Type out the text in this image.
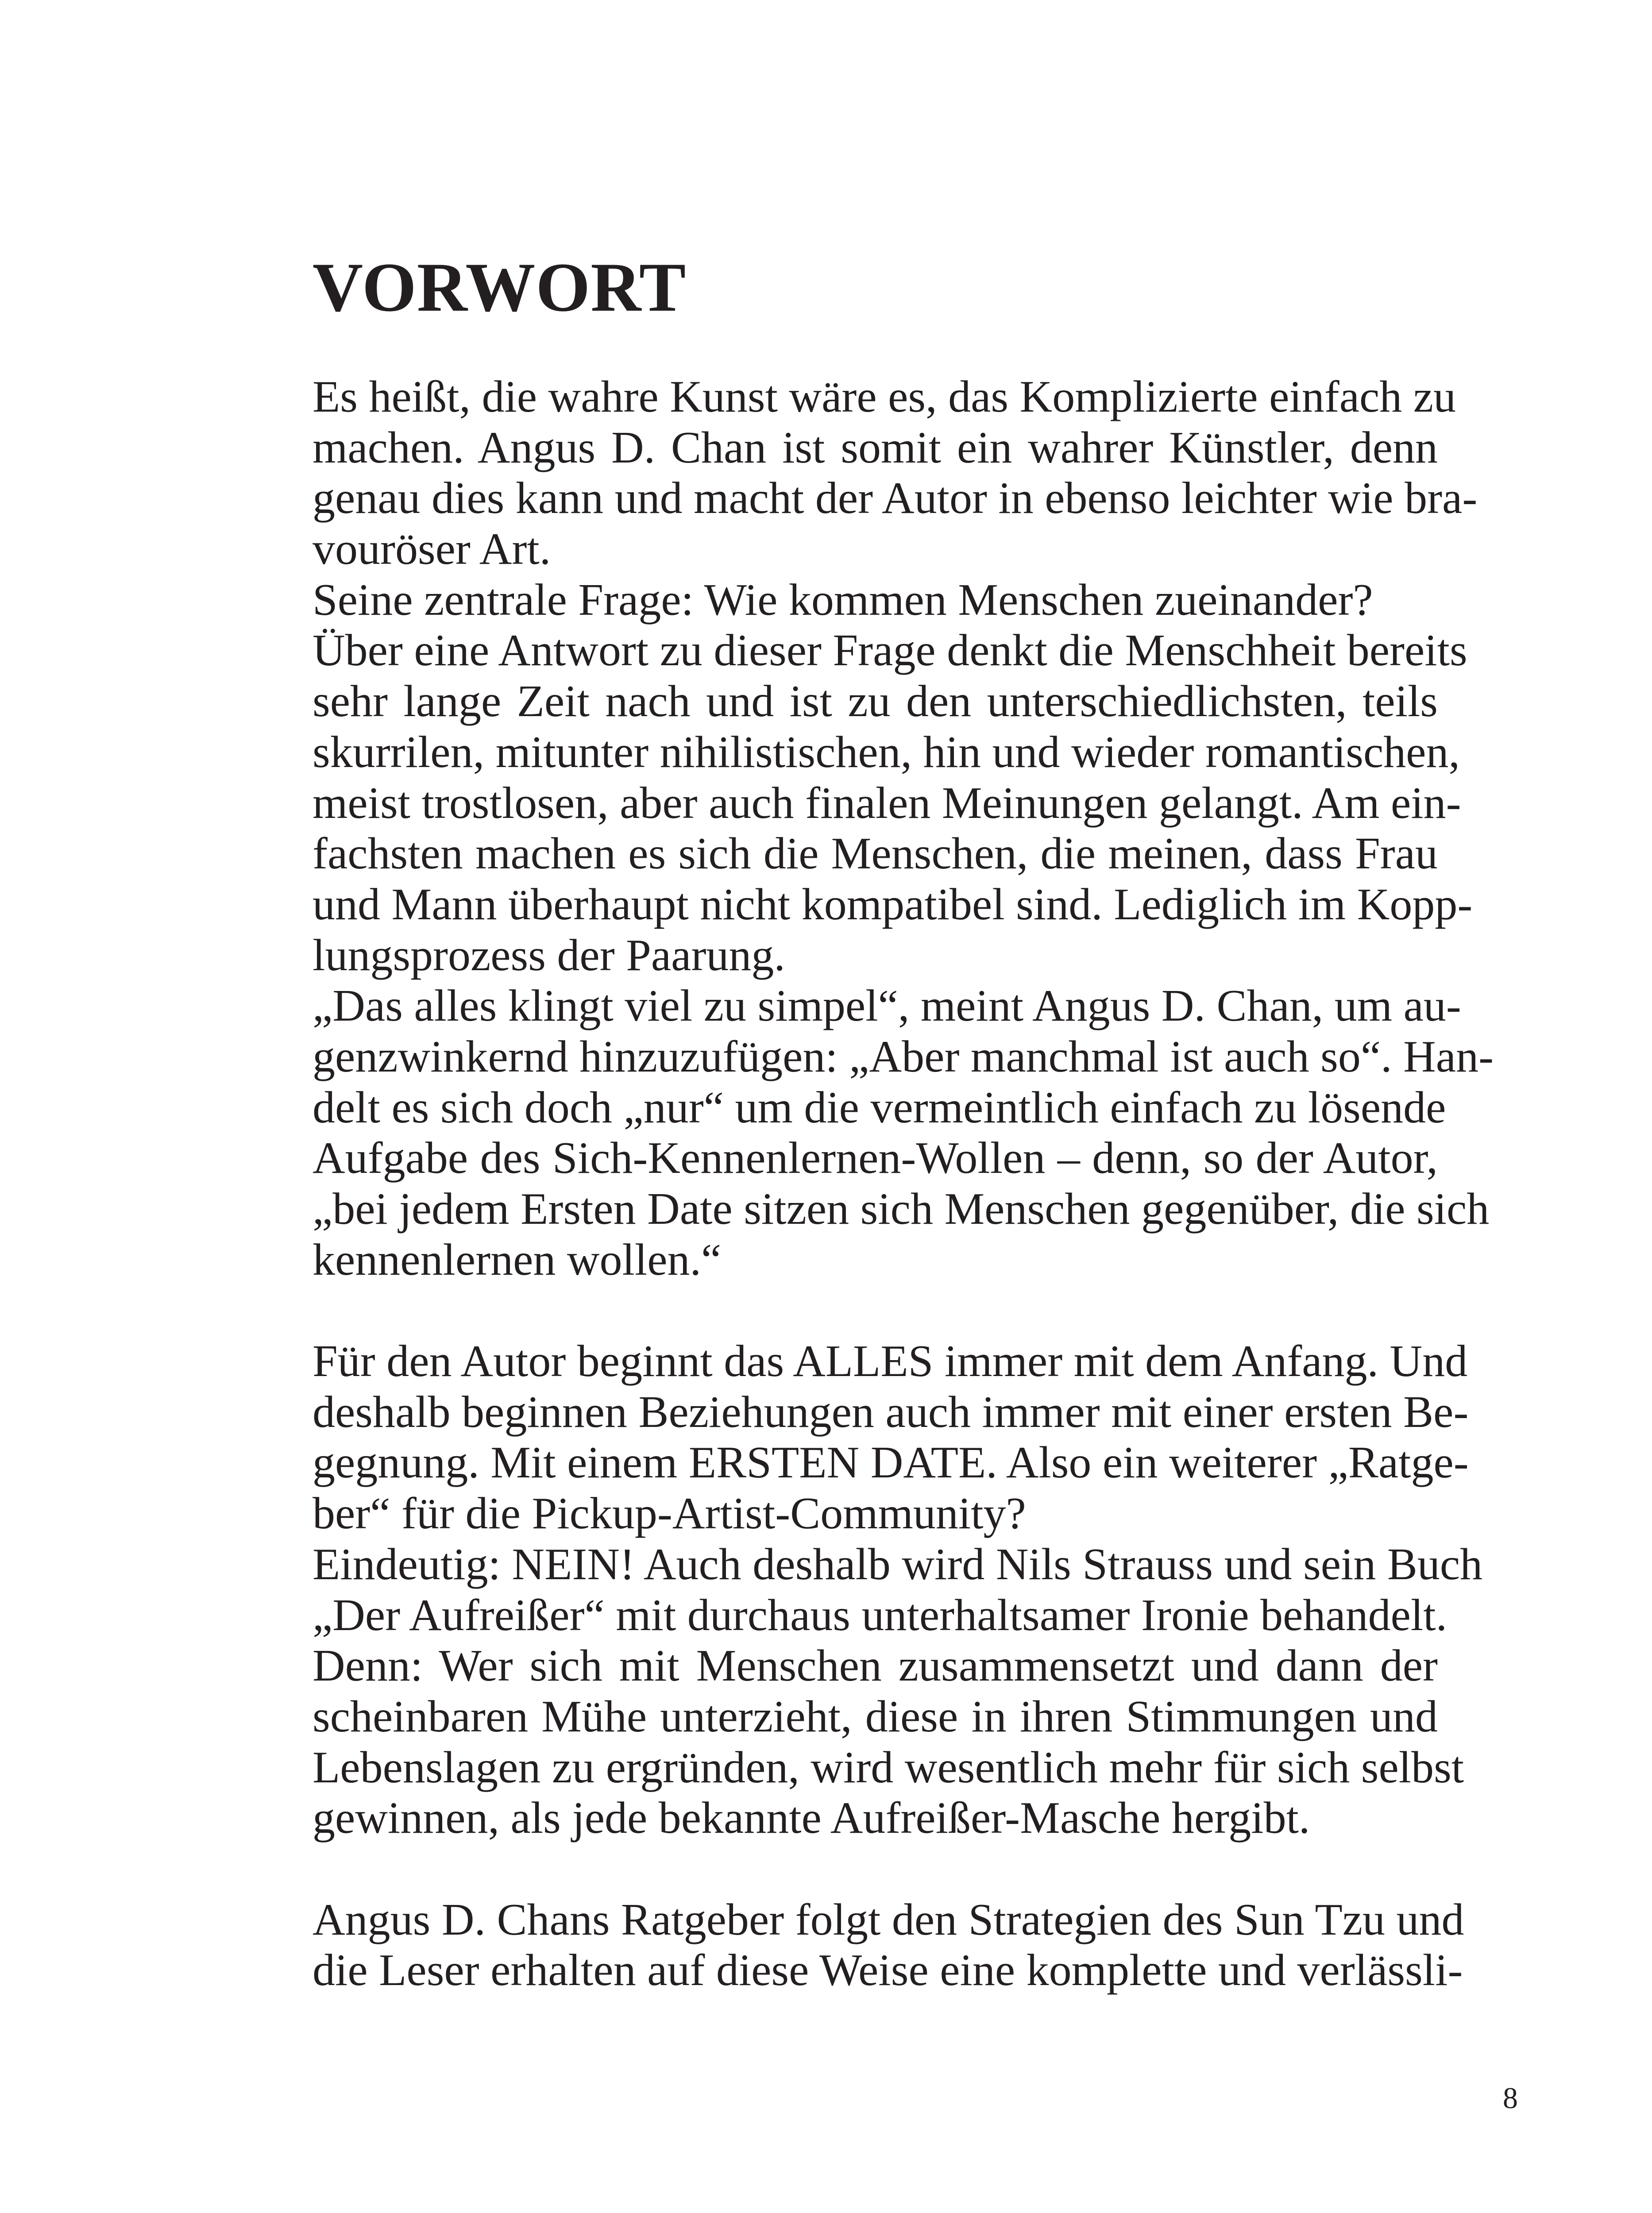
VORWORT
Es heißt, die wahre Kunst wäre es, das Komplizierte einfach zu
machen. Angus D. Chan ist somit ein wahrer Künstler, denn
genau dies kann und macht der Autor in ebenso leichter wie bra-
vouröser Art.
Seine zentrale Frage: Wie kommen Menschen zueinander?
Über eine Antwort zu dieser Frage denkt die Menschheit bereits
sehr lange Zeit nach und ist zu den unterschiedlichsten, teils
skurrilen, mitunter nihilistischen, hin und wieder romantischen,
meist trostlosen, aber auch finalen Meinungen gelangt. Am ein-
fachsten machen es sich die Menschen, die meinen, dass Frau
und Mann überhaupt nicht kompatibel sind. Lediglich im Kopp-
lungsprozess der Paarung.
„Das alles klingt viel zu simpel“, meint Angus D. Chan, um au-
genzwinkernd hinzuzufügen: „Aber manchmal ist auch so“. Han-
delt es sich doch „nur“ um die vermeintlich einfach zu lösende
Aufgabe des Sich-Kennenlernen-Wollen – denn, so der Autor,
„bei jedem Ersten Date sitzen sich Menschen gegenüber, die sich
kennenlernen wollen.“
Für den Autor beginnt das ALLES immer mit dem Anfang. Und
deshalb beginnen Beziehungen auch immer mit einer ersten Be-
gegnung. Mit einem ERSTEN DATE. Also ein weiterer „Ratge-
ber“ für die Pickup-Artist-Community?
Eindeutig: NEIN! Auch deshalb wird Nils Strauss und sein Buch
„Der Aufreißer“ mit durchaus unterhaltsamer Ironie behandelt.
Denn: Wer sich mit Menschen zusammensetzt und dann der
scheinbaren Mühe unterzieht, diese in ihren Stimmungen und
Lebenslagen zu ergründen, wird wesentlich mehr für sich selbst
gewinnen, als jede bekannte Aufreißer-Masche hergibt.
Angus D. Chans Ratgeber folgt den Strategien des Sun Tzu und
die Leser erhalten auf diese Weise eine komplette und verlässli-
8
